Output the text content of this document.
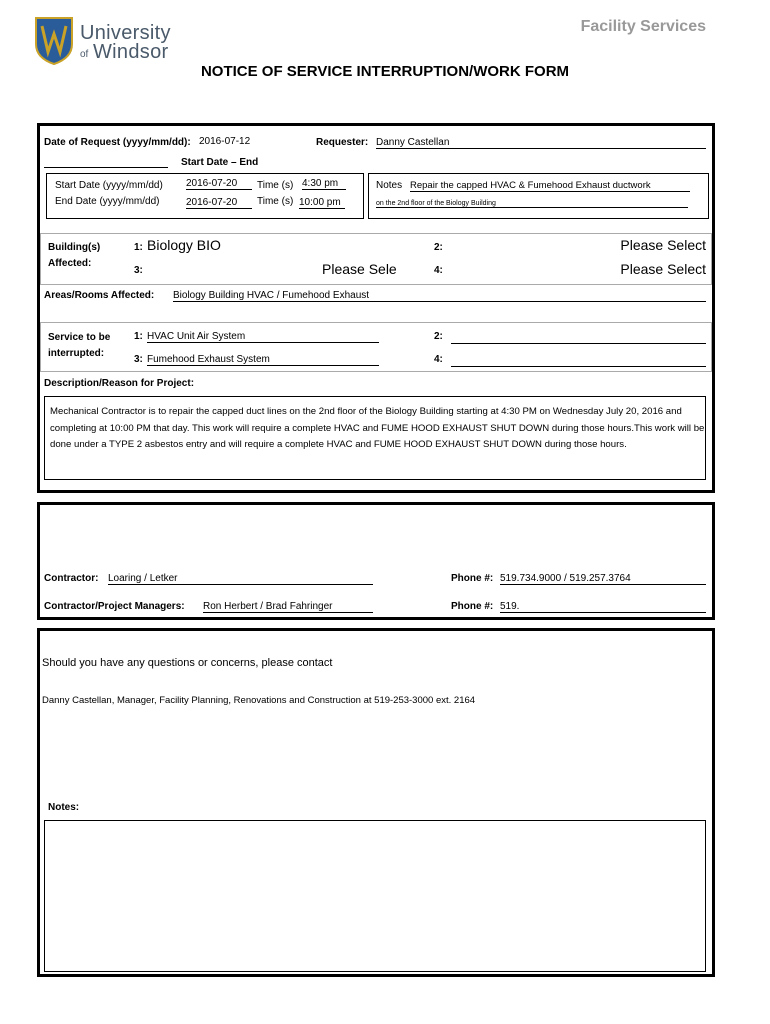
University
of Windsor
Facility Services
NOTICE OF SERVICE INTERRUPTION/WORK FORM
Date of Request (yyyy/mm/dd): 2016-07-12	Requester: Danny Castellan
Start Date – End
Start Date (yyyy/mm/dd) 2016-07-20	Time (s) 4:30 pm
End Date (yyyy/mm/dd)	2016-07-20	Time (s) 10:00 pm
Notes Repair the capped HVAC & Fumehood Exhaust ductwork
on the 2nd floor of the Biology Building
Building(s)
Affected:
1: Biology BIO	2:	Please Select
3:	Please Sele	4:	Please Select
Areas/Rooms Affected: Biology Building HVAC / Fumehood Exhaust
Service to be
interrupted:
1: HVAC Unit Air System	2:
3: Fumehood Exhaust System	4:
Description/Reason for Project:
Mechanical Contractor is to repair the capped duct lines on the 2nd floor of the Biology Building starting at 4:30 PM on Wednesday July 20, 2016 and completing at 10:00 PM that day. This work will require a complete HVAC and FUME HOOD EXHAUST SHUT DOWN during those hours.This work will be done under a TYPE 2 asbestos entry and will require a complete HVAC and FUME HOOD EXHAUST SHUT DOWN during those hours.
Contractor: Loaring / Letker	Phone #: 519.734.9000 / 519.257.3764
Contractor/Project Managers: Ron Herbert / Brad Fahringer	Phone #: 519.
Should you have any questions or concerns, please contact
Danny Castellan, Manager, Facility Planning, Renovations and Construction at 519-253-3000 ext. 2164
Notes:
